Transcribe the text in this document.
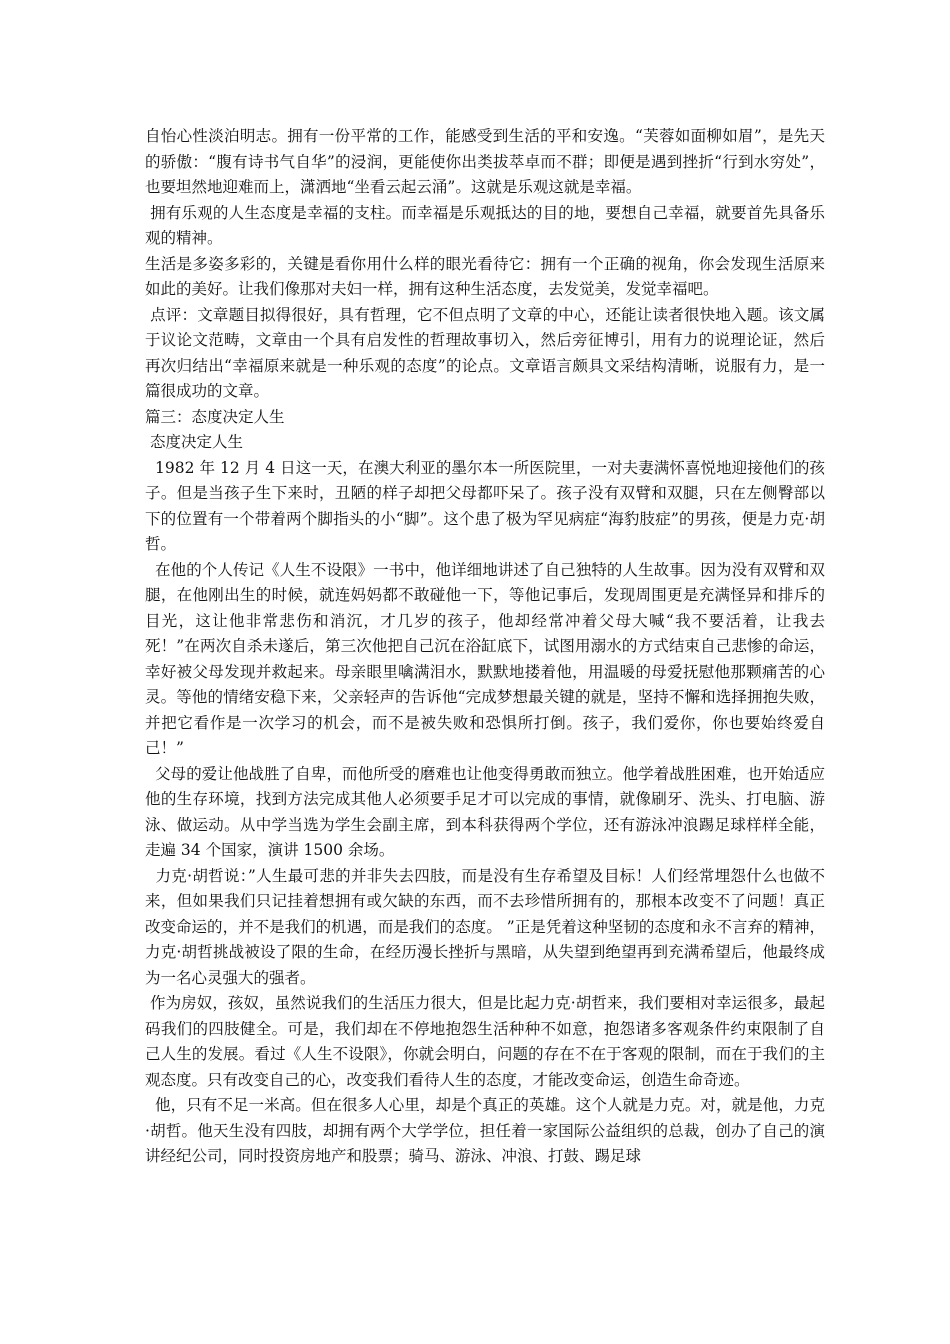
自怡心性淡泊明志。拥有一份平常的工作，能感受到生活的平和安逸。“芙蓉如面柳如眉”，是先天的骄傲：“腹有诗书气自华”的浸润，更能使你出类拔萃卓而不群；即便是遇到挫折“行到水穷处”，也要坦然地迎难而上，潇洒地“坐看云起云涌”。这就是乐观这就是幸福。

拥有乐观的人生态度是幸福的支柱。而幸福是乐观抵达的目的地，要想自己幸福，就要首先具备乐观的精神。

生活是多姿多彩的，关键是看你用什么样的眼光看待它：拥有一个正确的视角，你会发现生活原来如此的美好。让我们像那对夫妇一样，拥有这种生活态度，去发觉美，发觉幸福吧。

点评：文章题目拟得很好，具有哲理，它不但点明了文章的中心，还能让读者很快地入题。该文属于议论文范畴，文章由一个具有启发性的哲理故事切入，然后旁征博引，用有力的说理论证，然后再次归结出“幸福原来就是一种乐观的态度”的论点。文章语言颇具文采结构清晰，说服有力，是一篇很成功的文章。

篇三：态度决定人生

态度决定人生

1982 年 12 月 4 日这一天，在澳大利亚的墨尔本一所医院里，一对夫妻满怀喜悦地迎接他们的孩子。但是当孩子生下来时，丑陋的样子却把父母都吓呆了。孩子没有双臂和双腿，只在左侧臀部以下的位置有一个带着两个脚指头的小“脚”。这个患了极为罕见病症“海豹肢症”的男孩，便是力克·胡哲。

在他的个人传记《人生不设限》一书中，他详细地讲述了自己独特的人生故事。因为没有双臂和双腿，在他刚出生的时候，就连妈妈都不敢碰他一下，等他记事后，发现周围更是充满怪异和排斥的目光，这让他非常悲伤和消沉，才几岁的孩子，他却经常冲着父母大喊“我不要活着，让我去死！”在两次自杀未遂后，第三次他把自己沉在浴缸底下，试图用溺水的方式结束自己悲惨的命运，幸好被父母发现并救起来。母亲眼里噙满泪水，默默地搂着他，用温暖的母爱抚慰他那颗痛苦的心灵。等他的情绪安稳下来，父亲轻声的告诉他“完成梦想最关键的就是，坚持不懈和选择拥抱失败，并把它看作是一次学习的机会，而不是被失败和恐惧所打倒。孩子，我们爱你，你也要始终爱自己！”

父母的爱让他战胜了自卑，而他所受的磨难也让他变得勇敢而独立。他学着战胜困难，也开始适应他的生存环境，找到方法完成其他人必须要手足才可以完成的事情，就像刷牙、洗头、打电脑、游泳、做运动。从中学当选为学生会副主席，到本科获得两个学位，还有游泳冲浪踢足球样样全能，走遍 34 个国家，演讲 1500 余场。

力克·胡哲说：”人生最可悲的并非失去四肢，而是没有生存希望及目标！人们经常埋怨什么也做不来，但如果我们只记挂着想拥有或欠缺的东西，而不去珍惜所拥有的，那根本改变不了问题！真正改变命运的，并不是我们的机遇，而是我们的态度。 ”正是凭着这种坚韧的态度和永不言弃的精神，力克·胡哲挑战被设了限的生命，在经历漫长挫折与黑暗，从失望到绝望再到充满希望后，他最终成为一名心灵强大的强者。

作为房奴，孩奴，虽然说我们的生活压力很大，但是比起力克·胡哲来，我们要相对幸运很多，最起码我们的四肢健全。可是，我们却在不停地抱怨生活种种不如意，抱怨诸多客观条件约束限制了自己人生的发展。看过《人生不设限》，你就会明白，问题的存在不在于客观的限制，而在于我们的主观态度。只有改变自己的心，改变我们看待人生的态度，才能改变命运，创造生命奇迹。

他，只有不足一米高。但在很多人心里，却是个真正的英雄。这个人就是力克。对，就是他，力克·胡哲。他天生没有四肢，却拥有两个大学学位，担任着一家国际公益组织的总裁，创办了自己的演讲经纪公司，同时投资房地产和股票；骑马、游泳、冲浪、打鼓、踢足球
